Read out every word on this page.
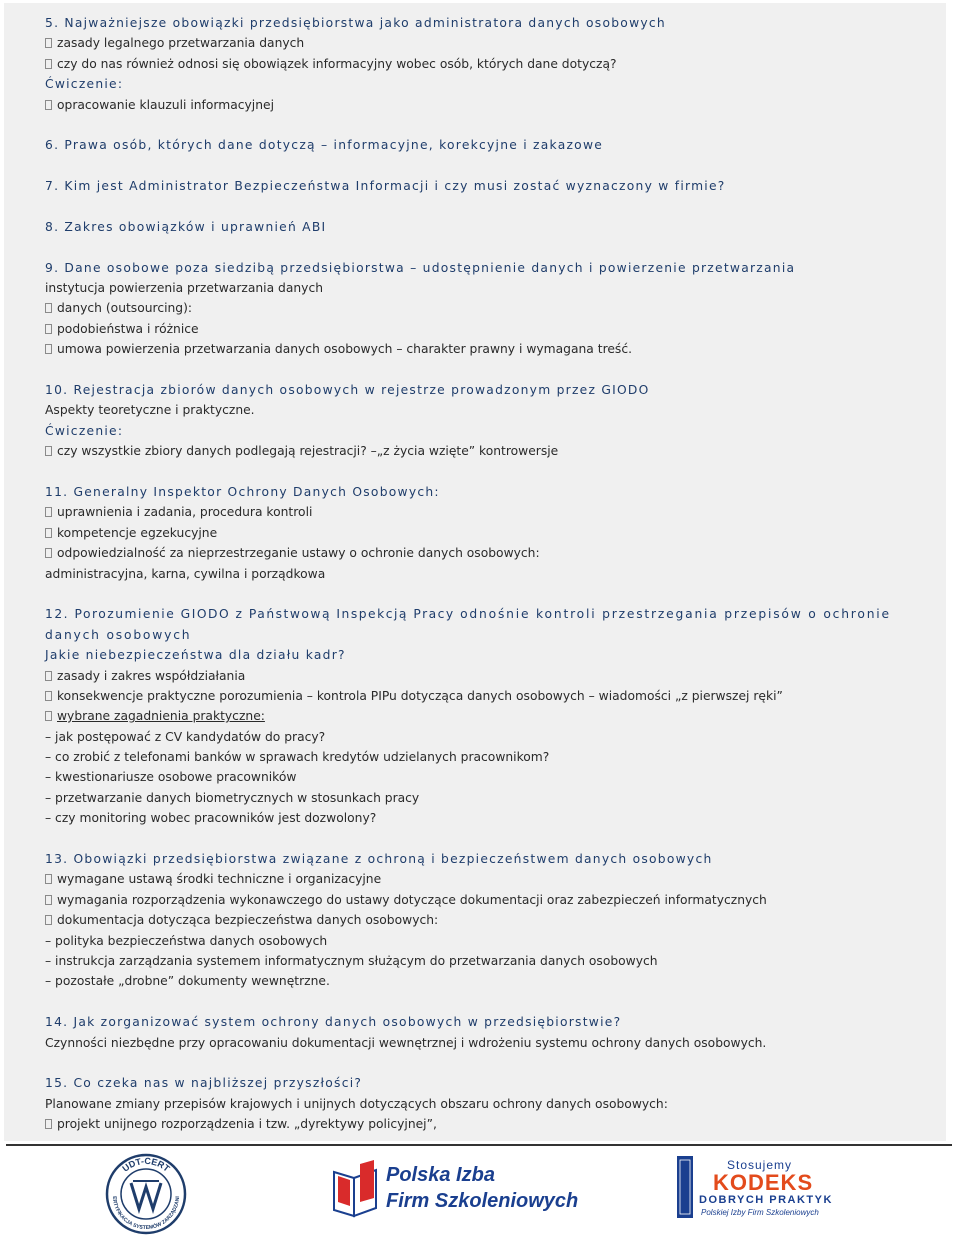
5. Najważniejsze obowiązki przedsiębiorstwa jako administratora danych osobowych
zasady legalnego przetwarzania danych
czy do nas również odnosi się obowiązek informacyjny wobec osób, których dane dotyczą?
Ćwiczenie:
opracowanie klauzuli informacyjnej
6. Prawa osób, których dane dotyczą – informacyjne, korekcyjne i zakazowe
7. Kim jest Administrator Bezpieczeństwa Informacji i czy musi zostać wyznaczony w firmie?
8. Zakres obowiązków i uprawnień ABI
9. Dane osobowe poza siedzibą przedsiębiorstwa – udostępnienie danych i powierzenie przetwarzania
instytucja powierzenia przetwarzania danych
danych (outsourcing):
podobieństwa i różnice
umowa powierzenia przetwarzania danych osobowych – charakter prawny i wymagana treść.
10. Rejestracja zbiorów danych osobowych w rejestrze prowadzonym przez GIODO
Aspekty teoretyczne i praktyczne.
Ćwiczenie:
czy wszystkie zbiory danych podlegają rejestracji? –„z życia wzięte” kontrowersje
11. Generalny Inspektor Ochrony Danych Osobowych:
uprawnienia i zadania, procedura kontroli
kompetencje egzekucyjne
odpowiedzialność za nieprzestrzeganie ustawy o ochronie danych osobowych:
administracyjna, karna, cywilna i porządkowa
12. Porozumienie GIODO z Państwową Inspekcją Pracy odnośnie kontroli przestrzegania przepisów o ochronie danych osobowych
Jakie niebezpieczeństwa dla działu kadr?
zasady i zakres współdziałania
konsekwencje praktyczne porozumienia – kontrola PIPu dotycząca danych osobowych – wiadomości „z pierwszej ręki”
wybrane zagadnienia praktyczne:
– jak postępować z CV kandydatów do pracy?
– co zrobić z telefonami banków w sprawach kredytów udzielanych pracownikom?
– kwestionariusze osobowe pracowników
– przetwarzanie danych biometrycznych w stosunkach pracy
– czy monitoring wobec pracowników jest dozwolony?
13. Obowiązki przedsiębiorstwa związane z ochroną i bezpieczeństwem danych osobowych
wymagane ustawą środki techniczne i organizacyjne
wymagania rozporządzenia wykonawczego do ustawy dotyczące dokumentacji oraz zabezpieczeń informatycznych
dokumentacja dotycząca bezpieczeństwa danych osobowych:
– polityka bezpieczeństwa danych osobowych
– instrukcja zarządzania systemem informatycznym służącym do przetwarzania danych osobowych
– pozostałe „drobne” dokumenty wewnętrzne.
14. Jak zorganizować system ochrony danych osobowych w przedsiębiorstwie?
Czynności niezbędne przy opracowaniu dokumentacji wewnętrznej i wdrożeniu systemu ochrony danych osobowych.
15. Co czeka nas w najbliższej przyszłości?
Planowane zmiany przepisów krajowych i unijnych dotyczących obszaru ochrony danych osobowych:
projekt unijnego rozporządzenia i tzw. „dyrektywy policyjnej”,
UDT-CERT
ERTYFIKACJA SYSTEMÓW ZARZĄDZANI
Polska Izba
Firm Szkoleniowych
Stosujemy
KODEKS
DOBRYCH PRAKTYK
Polskiej Izby Firm Szkoleniowych
